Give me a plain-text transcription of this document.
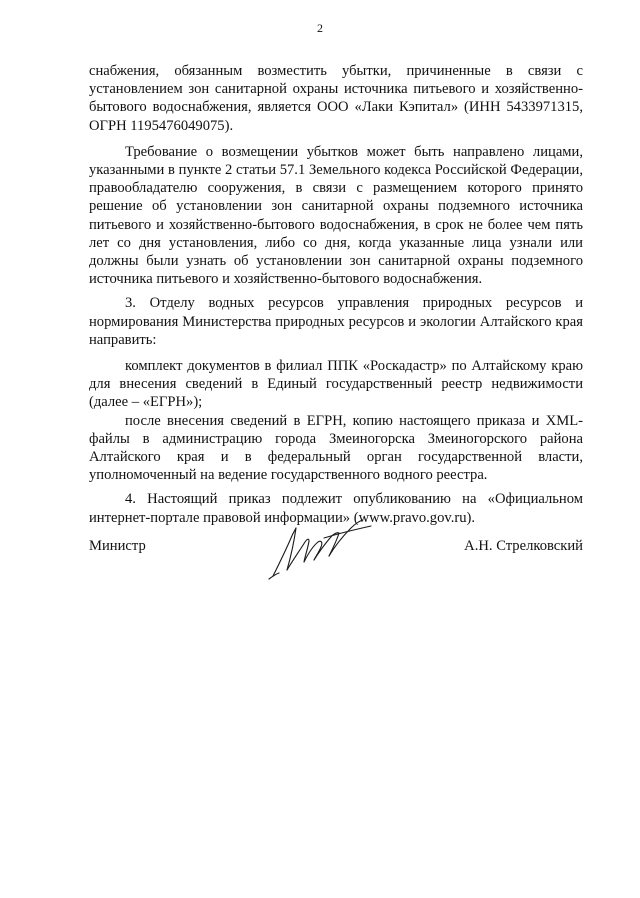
2

снабжения, обязанным возместить убытки, причиненные в связи с установлением зон санитарной охраны источника питьевого и хозяйственно-бытового водоснабжения, является ООО «Лаки Кэпитал» (ИНН 5433971315, ОГРН 1195476049075).

Требование о возмещении убытков может быть направлено лицами, указанными в пункте 2 статьи 57.1 Земельного кодекса Российской Федерации, правообладателю сооружения, в связи с размещением которого принято решение об установлении зон санитарной охраны подземного источника питьевого и хозяйственно-бытового водоснабжения, в срок не более чем пять лет со дня установления, либо со дня, когда указанные лица узнали или должны были узнать об установлении зон санитарной охраны подземного источника питьевого и хозяйственно-бытового водоснабжения.

3. Отделу водных ресурсов управления природных ресурсов и нормирования Министерства природных ресурсов и экологии Алтайского края направить:

комплект документов в филиал ППК «Роскадастр» по Алтайскому краю для внесения сведений в Единый государственный реестр недвижимости (далее – «ЕГРН»);

после внесения сведений в ЕГРН, копию настоящего приказа и XML-файлы в администрацию города Змеиногорска Змеиногорского района Алтайского края и в федеральный орган государственной власти, уполномоченный на ведение государственного водного реестра.

4. Настоящий приказ подлежит опубликованию на «Официальном интернет-портале правовой информации» (www.pravo.gov.ru).

Министр	А.Н. Стрелковский
